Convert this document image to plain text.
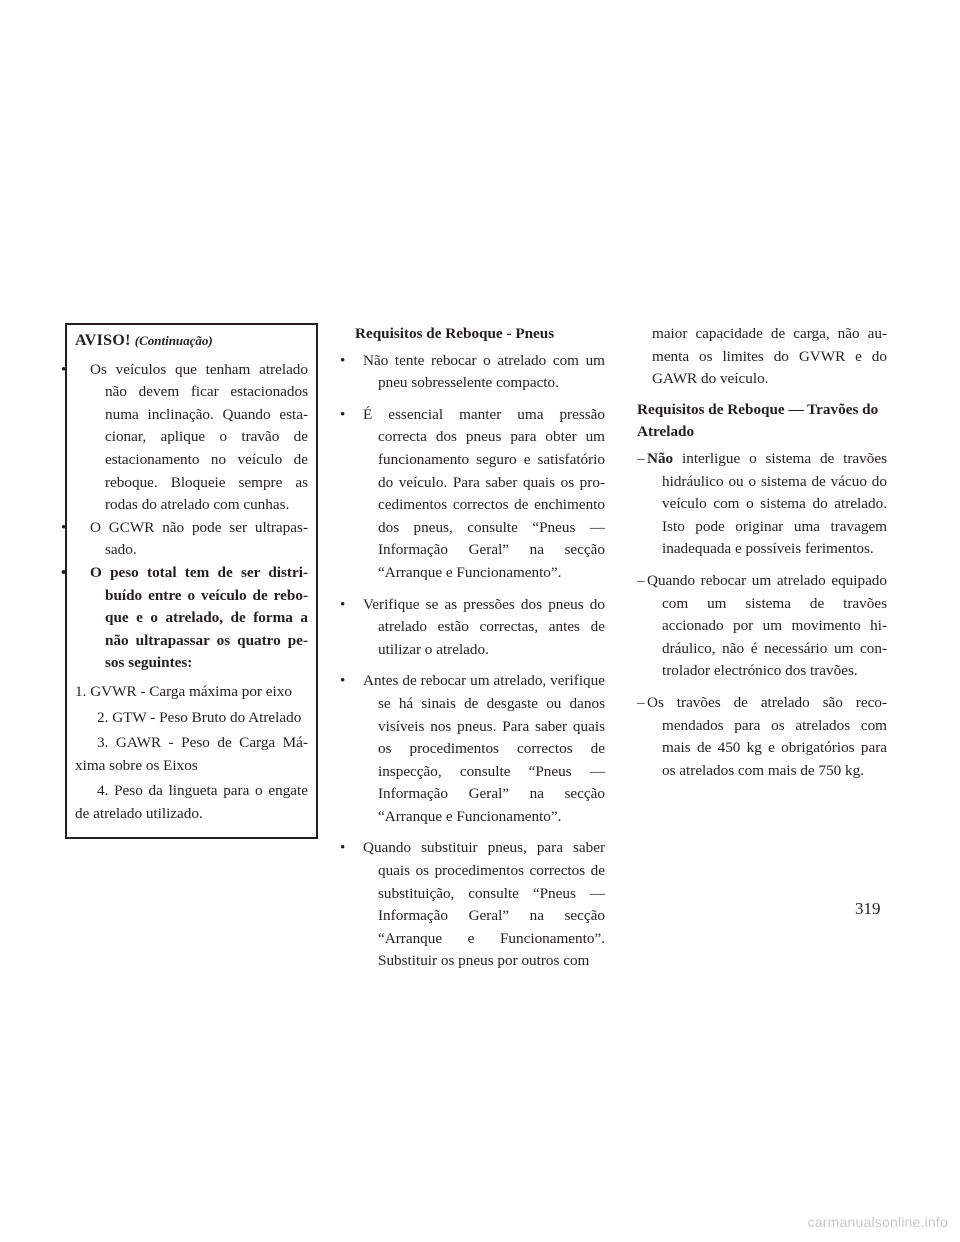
AVISO! (Continuação)
• Os veículos que tenham atrelado não devem ficar estacionados numa inclinação. Quando estacionar, aplique o travão de estacionamento no veículo de reboque. Bloqueie sempre as rodas do atrelado com cunhas.
• O GCWR não pode ser ultrapassado.
• O peso total tem de ser distribuído entre o veículo de reboque e o atrelado, de forma a não ultrapassar os quatro pesos seguintes:

1. GVWR - Carga máxima por eixo

2. GTW - Peso Bruto do Atrelado

3. GAWR - Peso de Carga Máxima sobre os Eixos

4. Peso da lingueta para o engate de atrelado utilizado.

Requisitos de Reboque - Pneus

• Não tente rebocar o atrelado com um pneu sobresselente compacto.
• É essencial manter uma pressão correcta dos pneus para obter um funcionamento seguro e satisfatório do veículo. Para saber quais os procedimentos correctos de enchimento dos pneus, consulte “Pneus — Informação Geral” na secção “Arranque e Funcionamento”.
• Verifique se as pressões dos pneus do atrelado estão correctas, antes de utilizar o atrelado.
• Antes de rebocar um atrelado, verifique se há sinais de desgaste ou danos visíveis nos pneus. Para saber quais os procedimentos correctos de inspecção, consulte “Pneus — Informação Geral” na secção “Arranque e Funcionamento”.
• Quando substituir pneus, para saber quais os procedimentos correctos de substituição, consulte “Pneus — Informação Geral” na secção “Arranque e Funcionamento”. Substituir os pneus por outros com

maior capacidade de carga, não aumenta os limites do GVWR e do GAWR do veículo.

Requisitos de Reboque — Travões do Atrelado

– Não interligue o sistema de travões hidráulico ou o sistema de vácuo do veículo com o sistema do atrelado. Isto pode originar uma travagem inadequada e possíveis ferimentos.
– Quando rebocar um atrelado equipado com um sistema de travões accionado por um movimento hidráulico, não é necessário um controlador electrónico dos travões.
– Os travões de atrelado são recomendados para os atrelados com mais de 450 kg e obrigatórios para os atrelados com mais de 750 kg.
319
carmanualsonline.info
